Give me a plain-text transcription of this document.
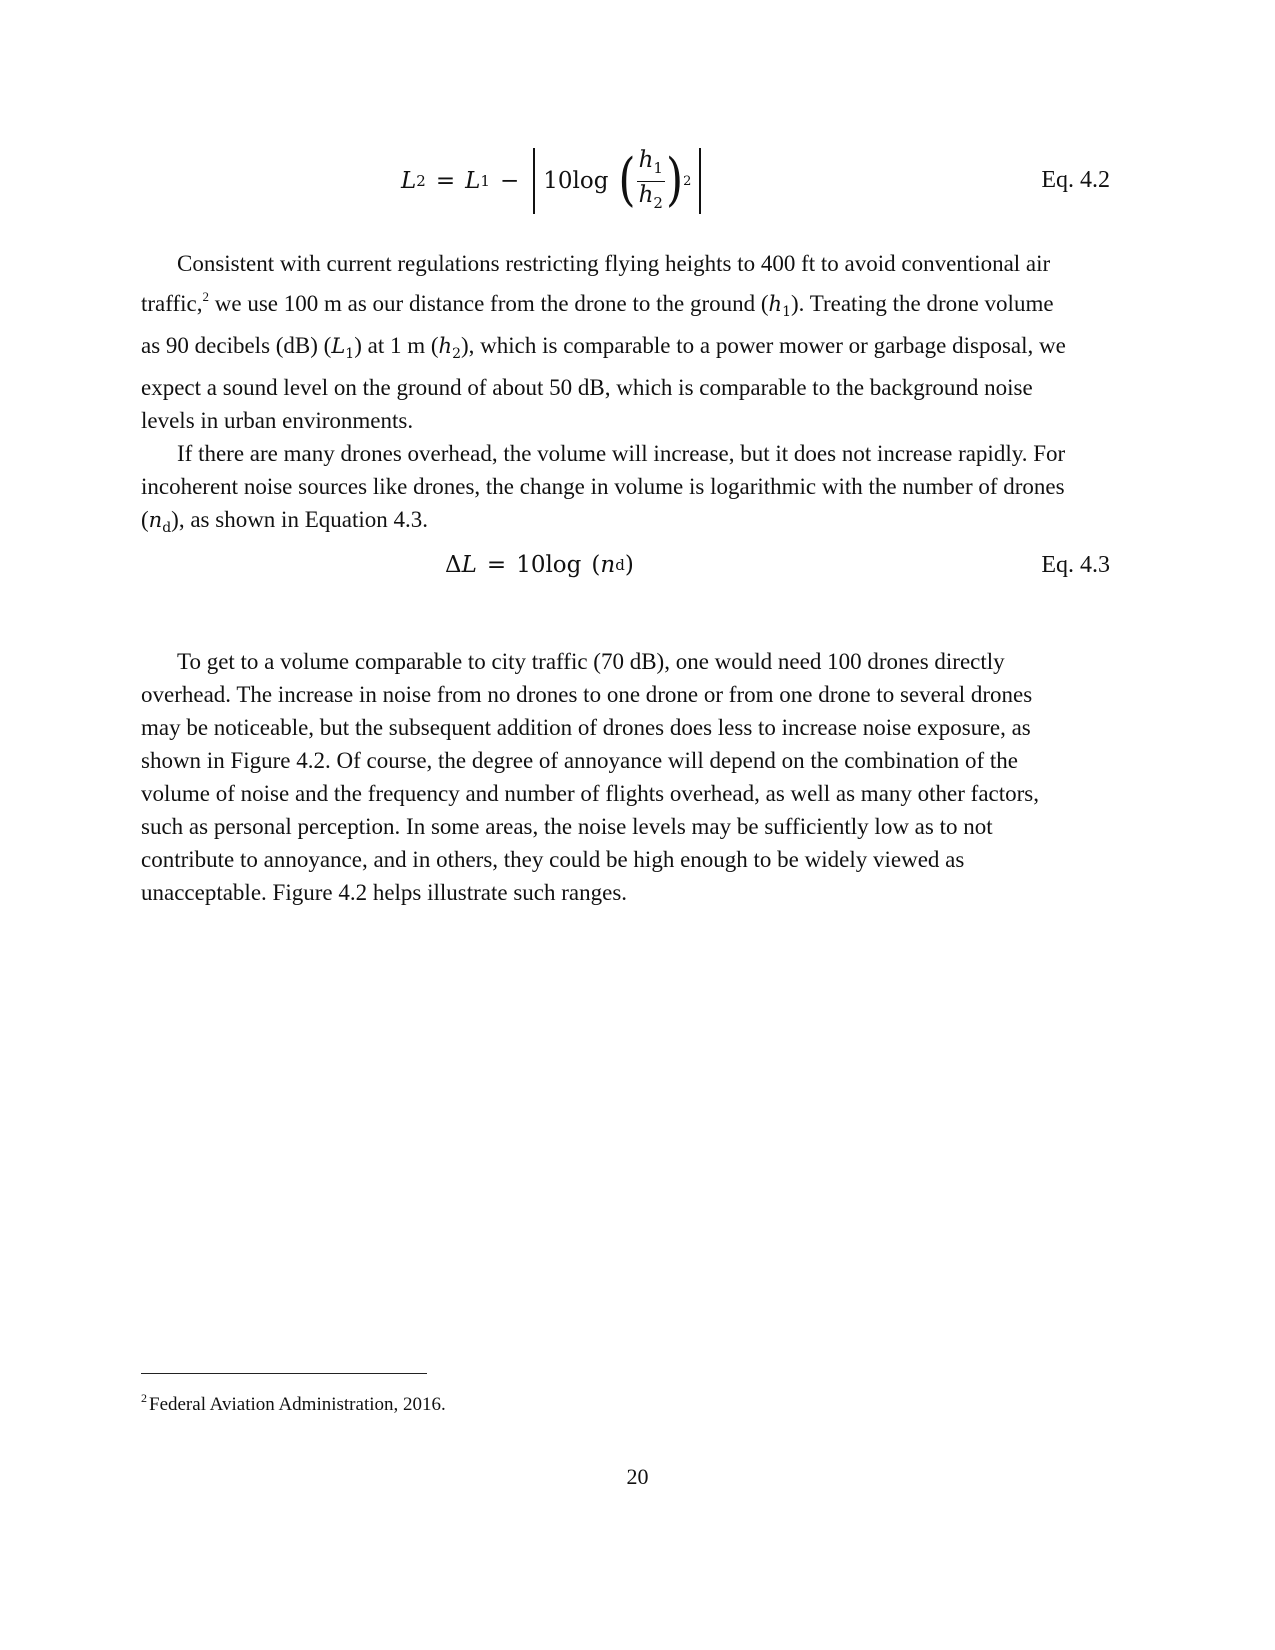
L 2 = L 1 − 10log ( $\frac{h_1}{h_2}$ ) 2	Eq. 4.2

Consistent with current regulations restricting flying heights to 400 ft to avoid conventional air traffic,$^2$ we use 100 m as our distance from the drone to the ground $(h_1)$. Treating the drone volume as 90 decibels (dB) $(L_1)$ at 1 m $(h_2)$, which is comparable to a power mower or garbage disposal, we expect a sound level on the ground of about 50 dB, which is comparable to the background noise levels in urban environments.

If there are many drones overhead, the volume will increase, but it does not increase rapidly. For incoherent noise sources like drones, the change in volume is logarithmic with the number of drones $(n_d)$, as shown in Equation 4.3.

Δ L = 10log ( n d )	Eq. 4.3

To get to a volume comparable to city traffic (70 dB), one would need 100 drones directly overhead. The increase in noise from no drones to one drone or from one drone to several drones may be noticeable, but the subsequent addition of drones does less to increase noise exposure, as shown in Figure 4.2. Of course, the degree of annoyance will depend on the combination of the volume of noise and the frequency and number of flights overhead, as well as many other factors, such as personal perception. In some areas, the noise levels may be sufficiently low as to not contribute to annoyance, and in others, they could be high enough to be widely viewed as unacceptable. Figure 4.2 helps illustrate such ranges.

$^2$ Federal Aviation Administration, 2016.
20
